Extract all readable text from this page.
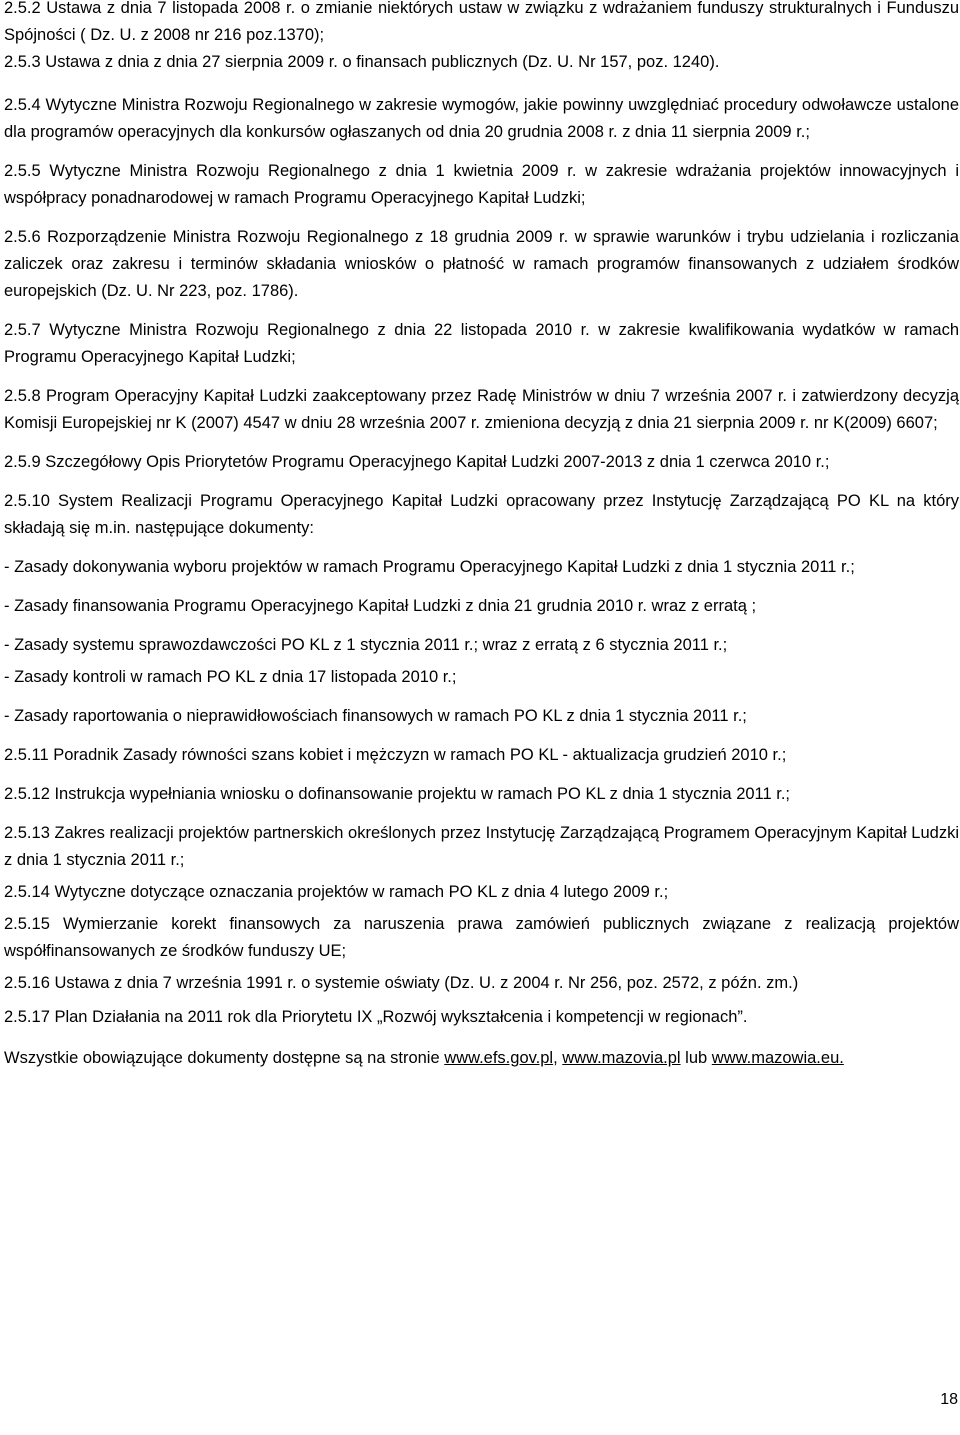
2.5.2 Ustawa z dnia 7 listopada 2008 r. o zmianie niektórych ustaw w związku z wdrażaniem funduszy strukturalnych i Funduszu Spójności ( Dz. U. z 2008 nr 216 poz.1370);

2.5.3 Ustawa z dnia z dnia 27 sierpnia 2009 r. o finansach publicznych (Dz. U. Nr 157, poz. 1240).

2.5.4 Wytyczne Ministra Rozwoju Regionalnego w zakresie wymogów, jakie powinny uwzględniać procedury odwoławcze ustalone dla programów operacyjnych dla konkursów ogłaszanych od dnia 20 grudnia 2008 r. z dnia 11 sierpnia 2009 r.;

2.5.5 Wytyczne Ministra Rozwoju Regionalnego z dnia 1 kwietnia 2009 r. w zakresie wdrażania projektów innowacyjnych i współpracy ponadnarodowej w ramach Programu Operacyjnego Kapitał Ludzki;

2.5.6 Rozporządzenie Ministra Rozwoju Regionalnego z 18 grudnia 2009 r. w sprawie warunków i trybu udzielania i rozliczania zaliczek oraz zakresu i terminów składania wniosków o płatność w ramach programów finansowanych z udziałem środków europejskich (Dz. U. Nr 223, poz. 1786).

2.5.7 Wytyczne Ministra Rozwoju Regionalnego z dnia 22 listopada 2010 r. w zakresie kwalifikowania wydatków w ramach Programu Operacyjnego Kapitał Ludzki;

2.5.8 Program Operacyjny Kapitał Ludzki zaakceptowany przez Radę Ministrów w dniu 7 września 2007 r. i zatwierdzony decyzją Komisji Europejskiej nr K (2007) 4547 w dniu 28 września 2007 r. zmieniona decyzją z dnia 21 sierpnia 2009 r. nr K(2009) 6607;

2.5.9 Szczegółowy Opis Priorytetów Programu Operacyjnego Kapitał Ludzki 2007-2013 z dnia 1 czerwca 2010 r.;

2.5.10 System Realizacji Programu Operacyjnego Kapitał Ludzki opracowany przez Instytucję Zarządzającą PO KL na który składają się m.in. następujące dokumenty:

- Zasady dokonywania wyboru projektów w ramach Programu Operacyjnego Kapitał Ludzki z dnia 1 stycznia 2011 r.;

- Zasady finansowania Programu Operacyjnego Kapitał Ludzki z dnia 21 grudnia 2010 r. wraz z erratą ;

- Zasady systemu sprawozdawczości PO KL z 1 stycznia 2011 r.; wraz z erratą z 6 stycznia 2011 r.;

- Zasady kontroli w ramach PO KL z dnia 17 listopada 2010 r.;

- Zasady raportowania o nieprawidłowościach finansowych w ramach PO KL z dnia 1 stycznia 2011 r.;

2.5.11 Poradnik Zasady równości szans kobiet i mężczyzn w ramach PO KL - aktualizacja grudzień 2010 r.;

2.5.12 Instrukcja wypełniania wniosku o dofinansowanie projektu w ramach PO KL z dnia 1 stycznia 2011 r.;

2.5.13 Zakres realizacji projektów partnerskich określonych przez Instytucję Zarządzającą Programem Operacyjnym Kapitał Ludzki z dnia 1 stycznia 2011 r.;

2.5.14 Wytyczne dotyczące oznaczania projektów w ramach PO KL z dnia 4 lutego 2009 r.;

2.5.15 Wymierzanie korekt finansowych za naruszenia prawa zamówień publicznych związane z realizacją projektów współfinansowanych ze środków funduszy UE;

2.5.16 Ustawa z dnia 7 września 1991 r. o systemie oświaty (Dz. U. z 2004 r. Nr 256, poz. 2572, z późn. zm.)

2.5.17 Plan Działania na 2011 rok dla Priorytetu IX „Rozwój wykształcenia i kompetencji w regionach”.

Wszystkie obowiązujące dokumenty dostępne są na stronie www.efs.gov.pl, www.mazovia.pl lub www.mazowia.eu.

18
